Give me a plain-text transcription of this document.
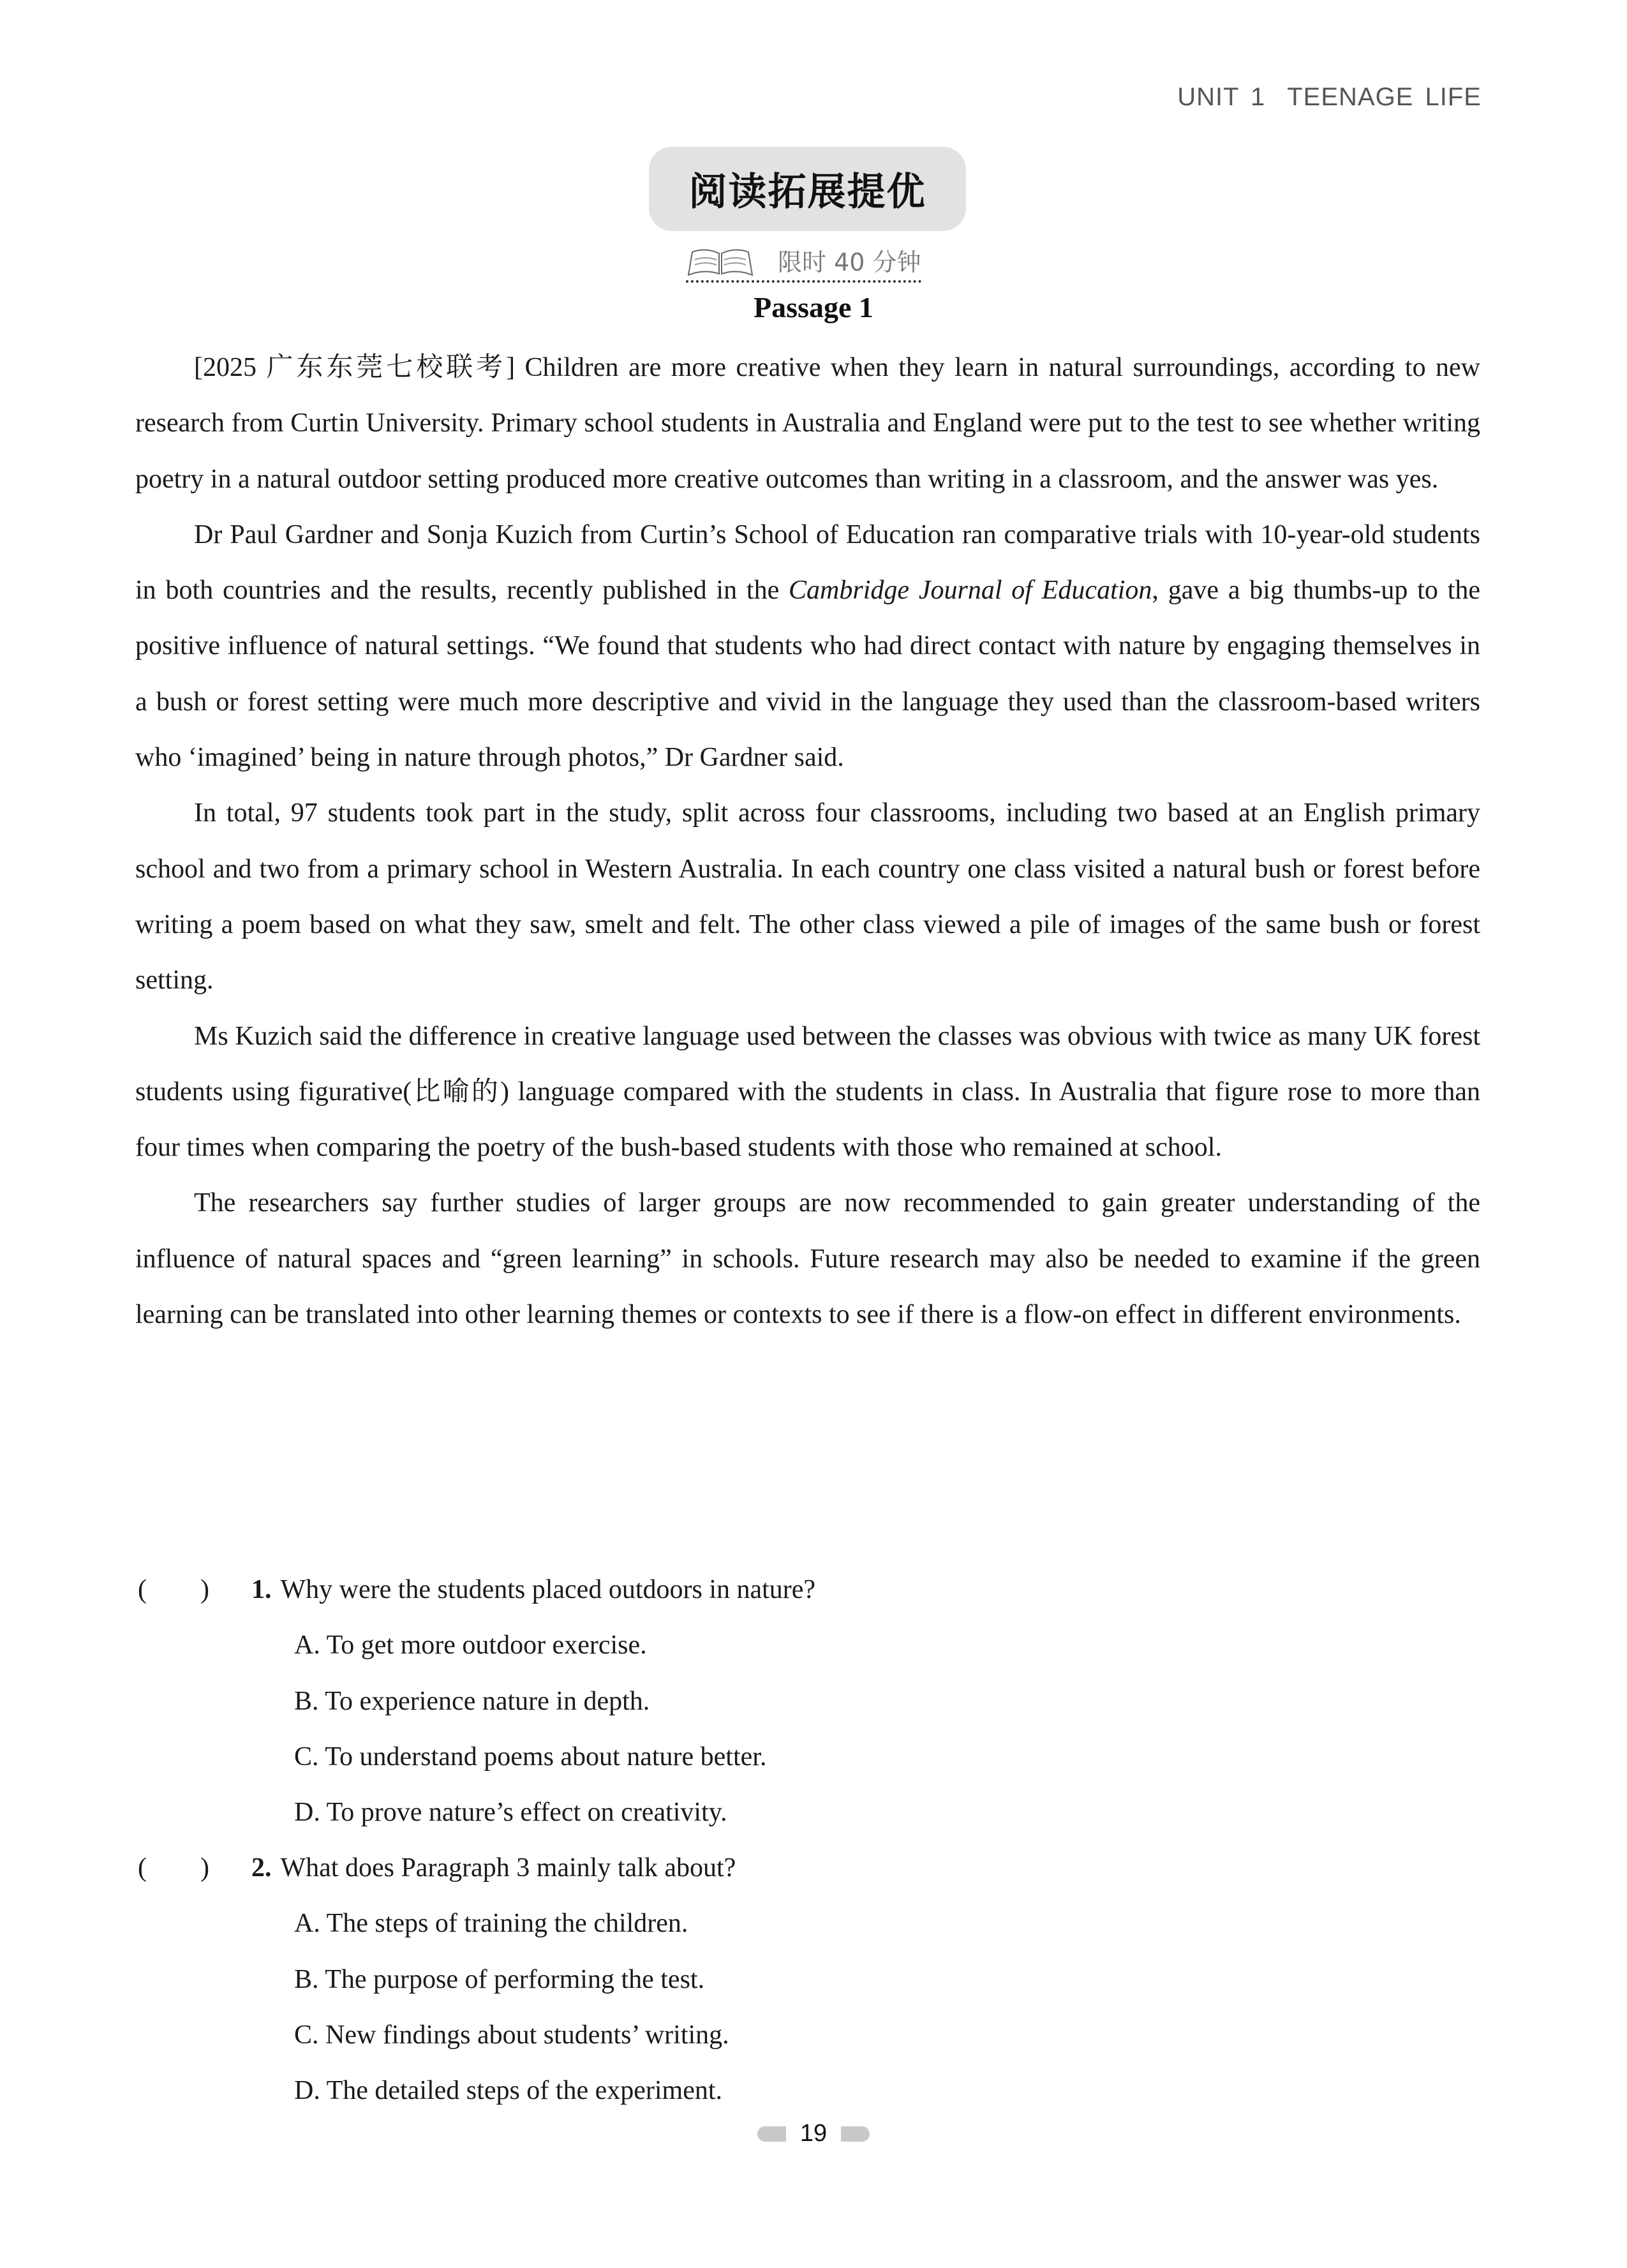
UNIT 1 TEENAGE LIFE
阅读拓展提优
限时 40 分钟
Passage 1

[2025 广东东莞七校联考] Children are more creative when they learn in natural surroundings, according to new research from Curtin University. Primary school students in Australia and England were put to the test to see whether writing poetry in a natural outdoor setting produced more creative outcomes than writing in a classroom, and the answer was yes.

Dr Paul Gardner and Sonja Kuzich from Curtin’s School of Education ran comparative trials with 10-year-old students in both countries and the results, recently published in the Cambridge Journal of Education, gave a big thumbs-up to the positive influence of natural settings. “We found that students who had direct contact with nature by engaging themselves in a bush or forest setting were much more descriptive and vivid in the language they used than the classroom-based writers who ‘imagined’ being in nature through photos,” Dr Gardner said.

In total, 97 students took part in the study, split across four classrooms, including two based at an English primary school and two from a primary school in Western Australia. In each country one class visited a natural bush or forest before writing a poem based on what they saw, smelt and felt. The other class viewed a pile of images of the same bush or forest setting.

Ms Kuzich said the difference in creative language used between the classes was obvious with twice as many UK forest students using figurative(比喻的) language compared with the students in class. In Australia that figure rose to more than four times when comparing the poetry of the bush-based students with those who remained at school.

The researchers say further studies of larger groups are now recommended to gain greater understanding of the influence of natural spaces and “green learning” in schools. Future research may also be needed to examine if the green learning can be translated into other learning themes or contexts to see if there is a flow-on effect in different environments.

(　　)	1. Why were the students placed outdoors in nature?
A. To get more outdoor exercise.
B. To experience nature in depth.
C. To understand poems about nature better.
D. To prove nature’s effect on creativity.
(　　)	2. What does Paragraph 3 mainly talk about?
A. The steps of training the children.
B. The purpose of performing the test.
C. New findings about students’ writing.
D. The detailed steps of the experiment.
19
